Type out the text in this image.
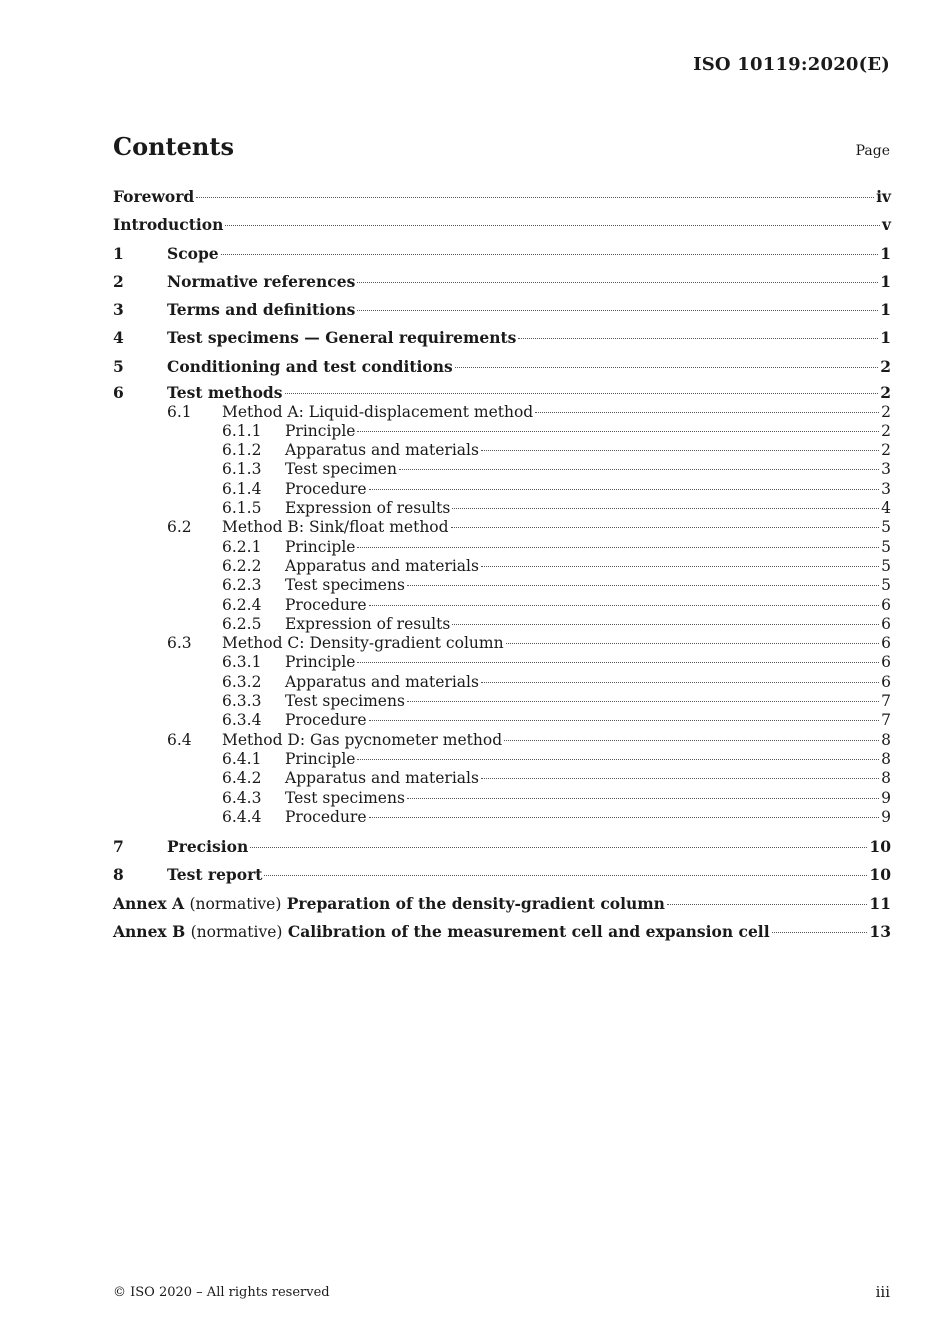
ISO 10119:2020(E)
Contents	Page
Foreword	iv
Introduction	v
1	Scope	1
2	Normative references	1
3	Terms and definitions	1
4	Test specimens — General requirements	1
5	Conditioning and test conditions	2
6	Test methods	2
6.1	Method A: Liquid-displacement method	2
6.1.1	Principle	2
6.1.2	Apparatus and materials	2
6.1.3	Test specimen	3
6.1.4	Procedure	3
6.1.5	Expression of results	4
6.2	Method B: Sink/float method	5
6.2.1	Principle	5
6.2.2	Apparatus and materials	5
6.2.3	Test specimens	5
6.2.4	Procedure	6
6.2.5	Expression of results	6
6.3	Method C: Density-gradient column	6
6.3.1	Principle	6
6.3.2	Apparatus and materials	6
6.3.3	Test specimens	7
6.3.4	Procedure	7
6.4	Method D: Gas pycnometer method	8
6.4.1	Principle	8
6.4.2	Apparatus and materials	8
6.4.3	Test specimens	9
6.4.4	Procedure	9
7	Precision	10
8	Test report	10
Annex A (normative) Preparation of the density-gradient column	11
Annex B (normative) Calibration of the measurement cell and expansion cell	13
© ISO 2020 – All rights reserved	iii
